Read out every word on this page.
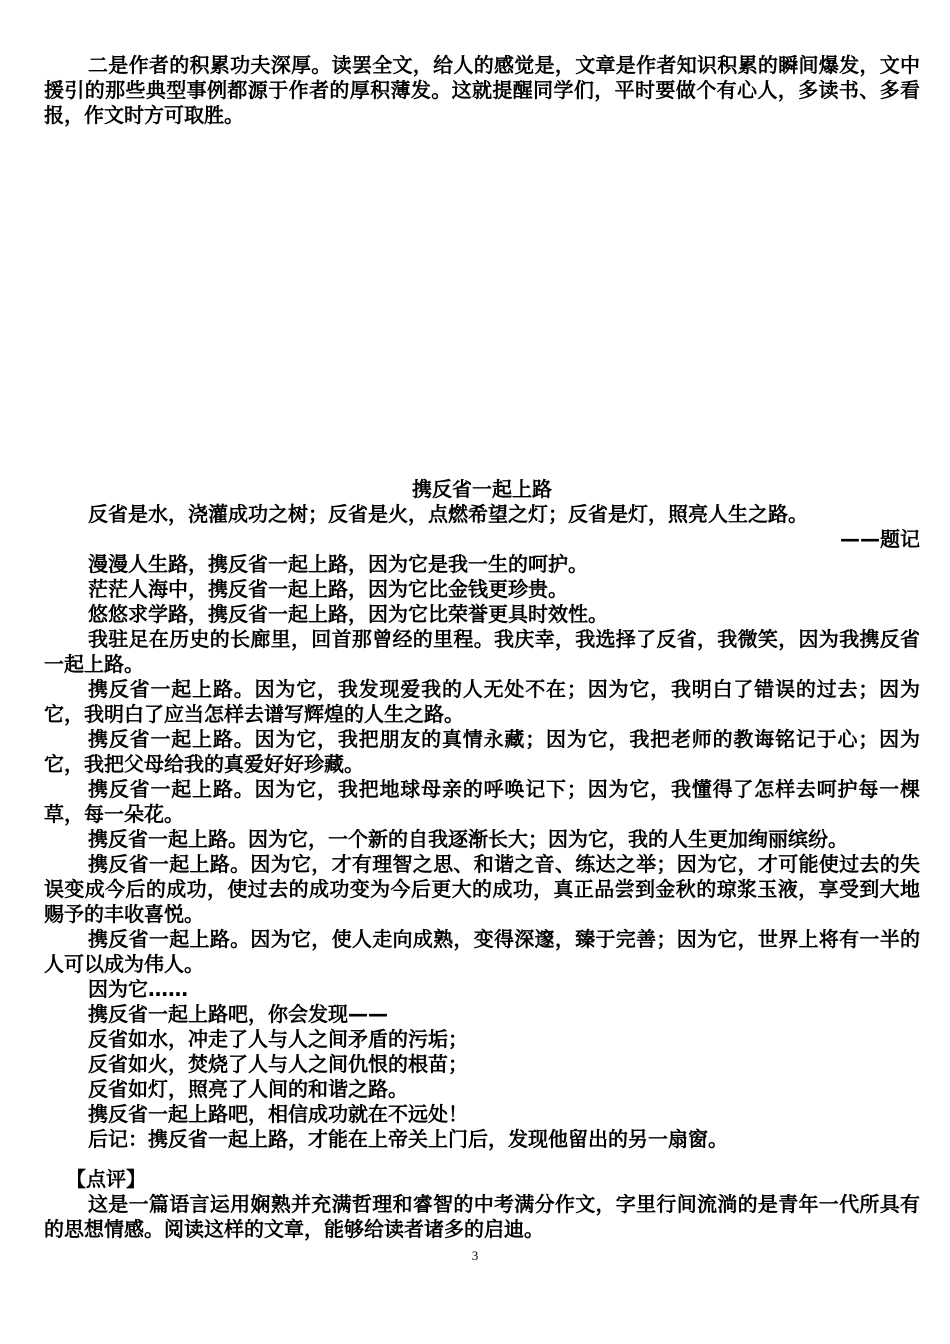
二是作者的积累功夫深厚。读罢全文，给人的感觉是，文章是作者知识积累的瞬间爆发，文中援引的那些典型事例都源于作者的厚积薄发。这就提醒同学们，平时要做个有心人，多读书、多看报，作文时方可取胜。

携反省一起上路

反省是水，浇灌成功之树；反省是火，点燃希望之灯；反省是灯，照亮人生之路。

——题记

漫漫人生路，携反省一起上路，因为它是我一生的呵护。

茫茫人海中，携反省一起上路，因为它比金钱更珍贵。

悠悠求学路，携反省一起上路，因为它比荣誉更具时效性。

我驻足在历史的长廊里，回首那曾经的里程。我庆幸，我选择了反省，我微笑，因为我携反省一起上路。

携反省一起上路。因为它，我发现爱我的人无处不在；因为它，我明白了错误的过去；因为它，我明白了应当怎样去谱写辉煌的人生之路。

携反省一起上路。因为它，我把朋友的真情永藏；因为它，我把老师的教诲铭记于心；因为它，我把父母给我的真爱好好珍藏。

携反省一起上路。因为它，我把地球母亲的呼唤记下；因为它，我懂得了怎样去呵护每一棵草，每一朵花。

携反省一起上路。因为它，一个新的自我逐渐长大；因为它，我的人生更加绚丽缤纷。

携反省一起上路。因为它，才有理智之思、和谐之音、练达之举；因为它，才可能使过去的失误变成今后的成功，使过去的成功变为今后更大的成功，真正品尝到金秋的琼浆玉液，享受到大地赐予的丰收喜悦。

携反省一起上路。因为它，使人走向成熟，变得深邃，臻于完善；因为它，世界上将有一半的人可以成为伟人。

因为它……

携反省一起上路吧，你会发现——

反省如水，冲走了人与人之间矛盾的污垢；

反省如火，焚烧了人与人之间仇恨的根苗；

反省如灯，照亮了人间的和谐之路。

携反省一起上路吧，相信成功就在不远处！

后记：携反省一起上路，才能在上帝关上门后，发现他留出的另一扇窗。

【点评】

这是一篇语言运用娴熟并充满哲理和睿智的中考满分作文，字里行间流淌的是青年一代所具有的思想情感。阅读这样的文章，能够给读者诸多的启迪。

3
